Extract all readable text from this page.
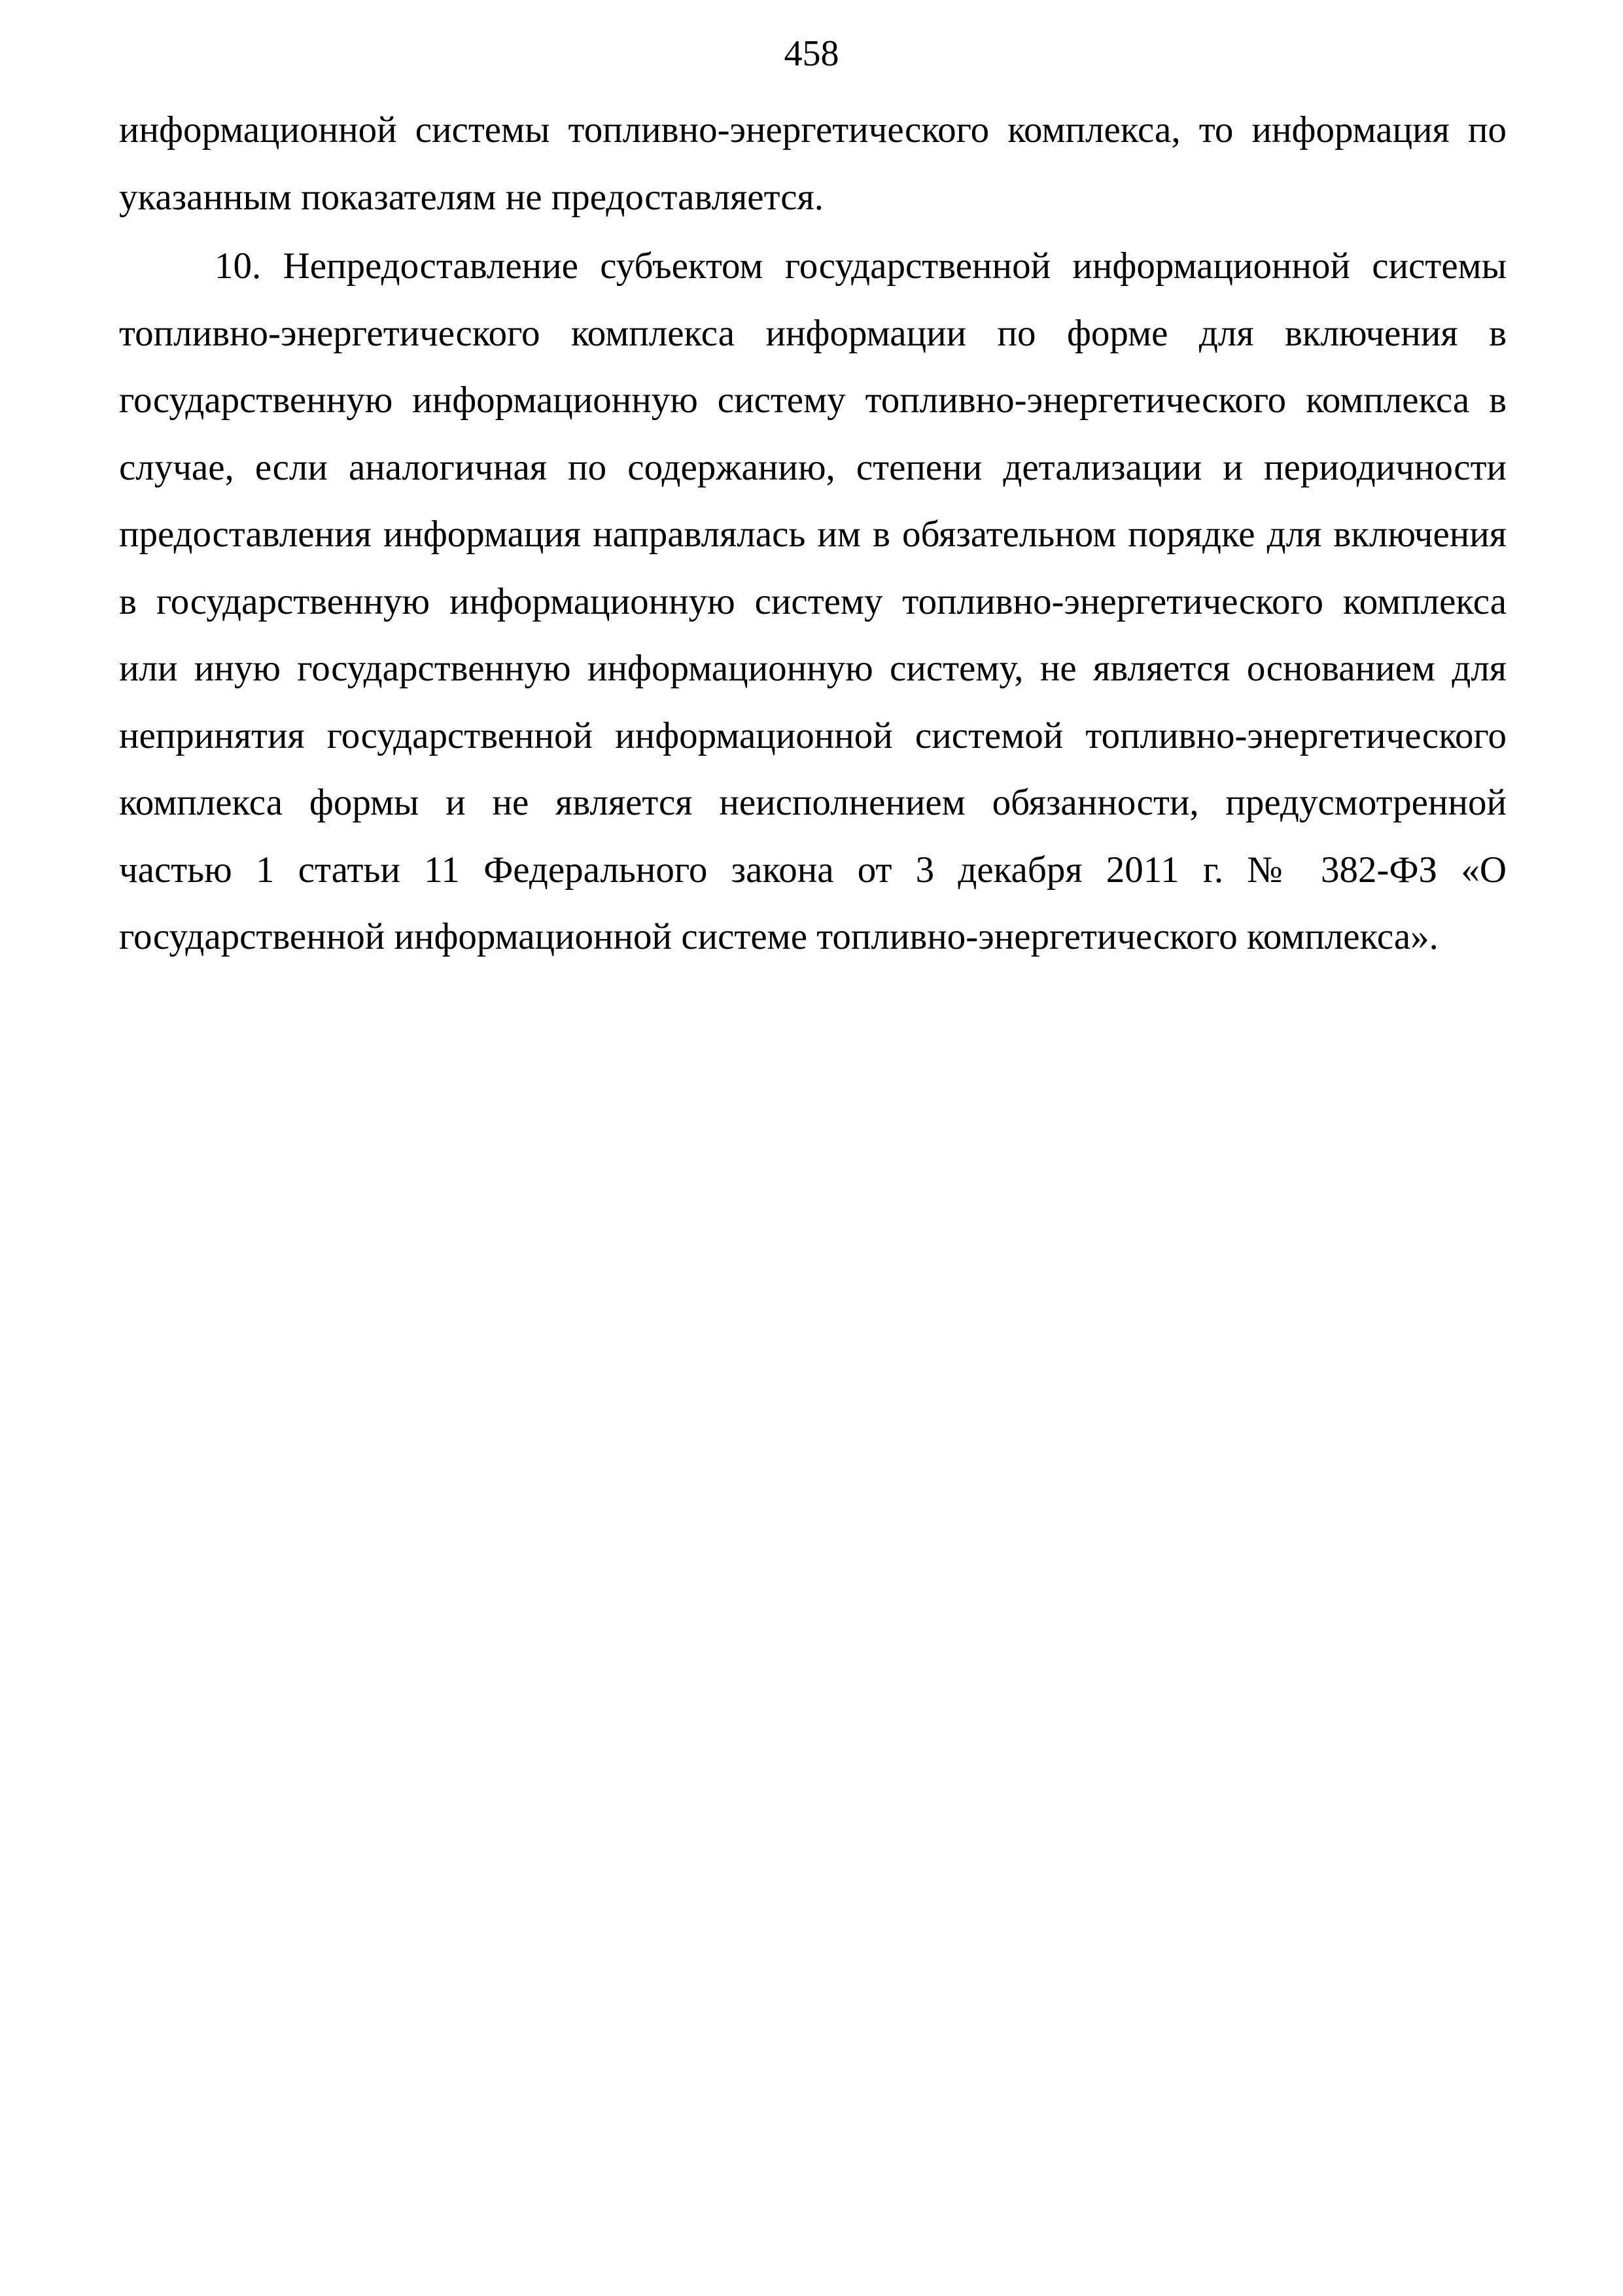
458
информационной системы топливно-энергетического комплекса, то информация по указанным показателям не предоставляется.
10. Непредоставление субъектом государственной информационной системы топливно-энергетического комплекса информации по форме для включения в государственную информационную систему топливно-энергетического комплекса в случае, если аналогичная по содержанию, степени детализации и периодичности предоставления информация направлялась им в обязательном порядке для включения в государственную информационную систему топливно-энергетического комплекса или иную государственную информационную систему, не является основанием для непринятия государственной информационной системой топливно-энергетического комплекса формы и не является неисполнением обязанности, предусмотренной частью 1 статьи 11 Федерального закона от 3 декабря 2011 г. № 382-ФЗ «О государственной информационной системе топливно-энергетического комплекса».
